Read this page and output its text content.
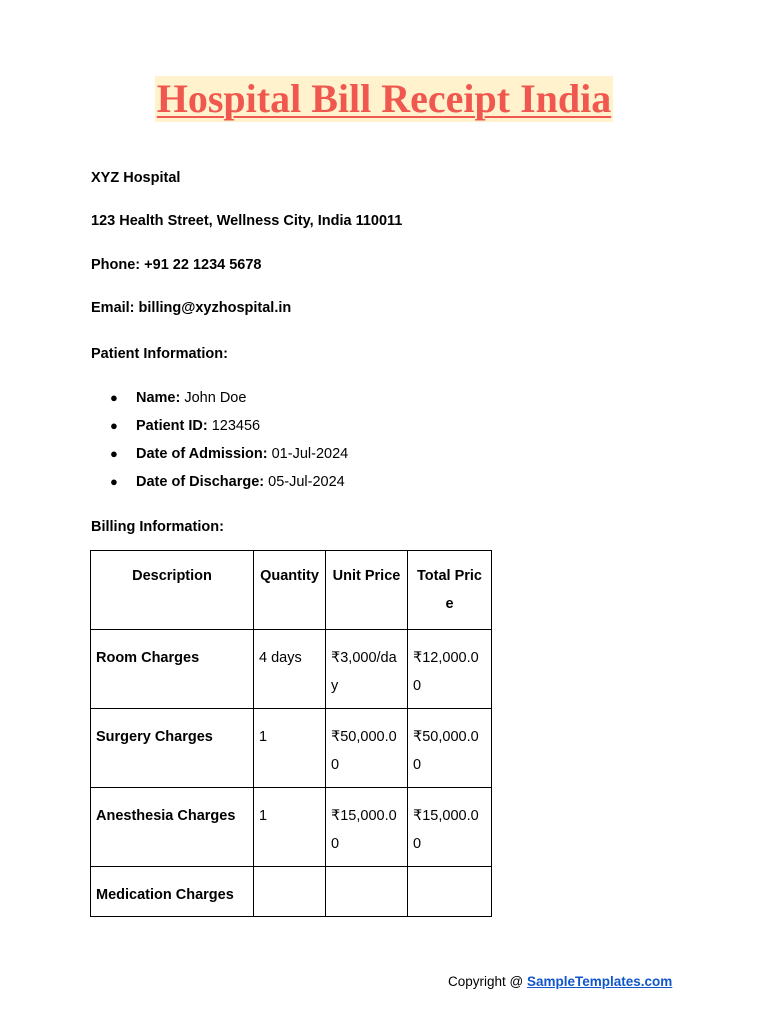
Hospital Bill Receipt India
XYZ Hospital
123 Health Street, Wellness City, India 110011
Phone: +91 22 1234 5678
Email: billing@xyzhospital.in
Patient Information:
● Name: John Doe
● Patient ID: 123456
● Date of Admission: 01-Jul-2024
● Date of Discharge: 05-Jul-2024
Billing Information:
Description	Quantity	Unit Price	Total Price
Room Charges	4 days	₹3,000/day	₹12,000.00
Surgery Charges	1	₹50,000.00	₹50,000.00
Anesthesia Charges	1	₹15,000.00	₹15,000.00
Medication Charges			
Copyright @ SampleTemplates.com
